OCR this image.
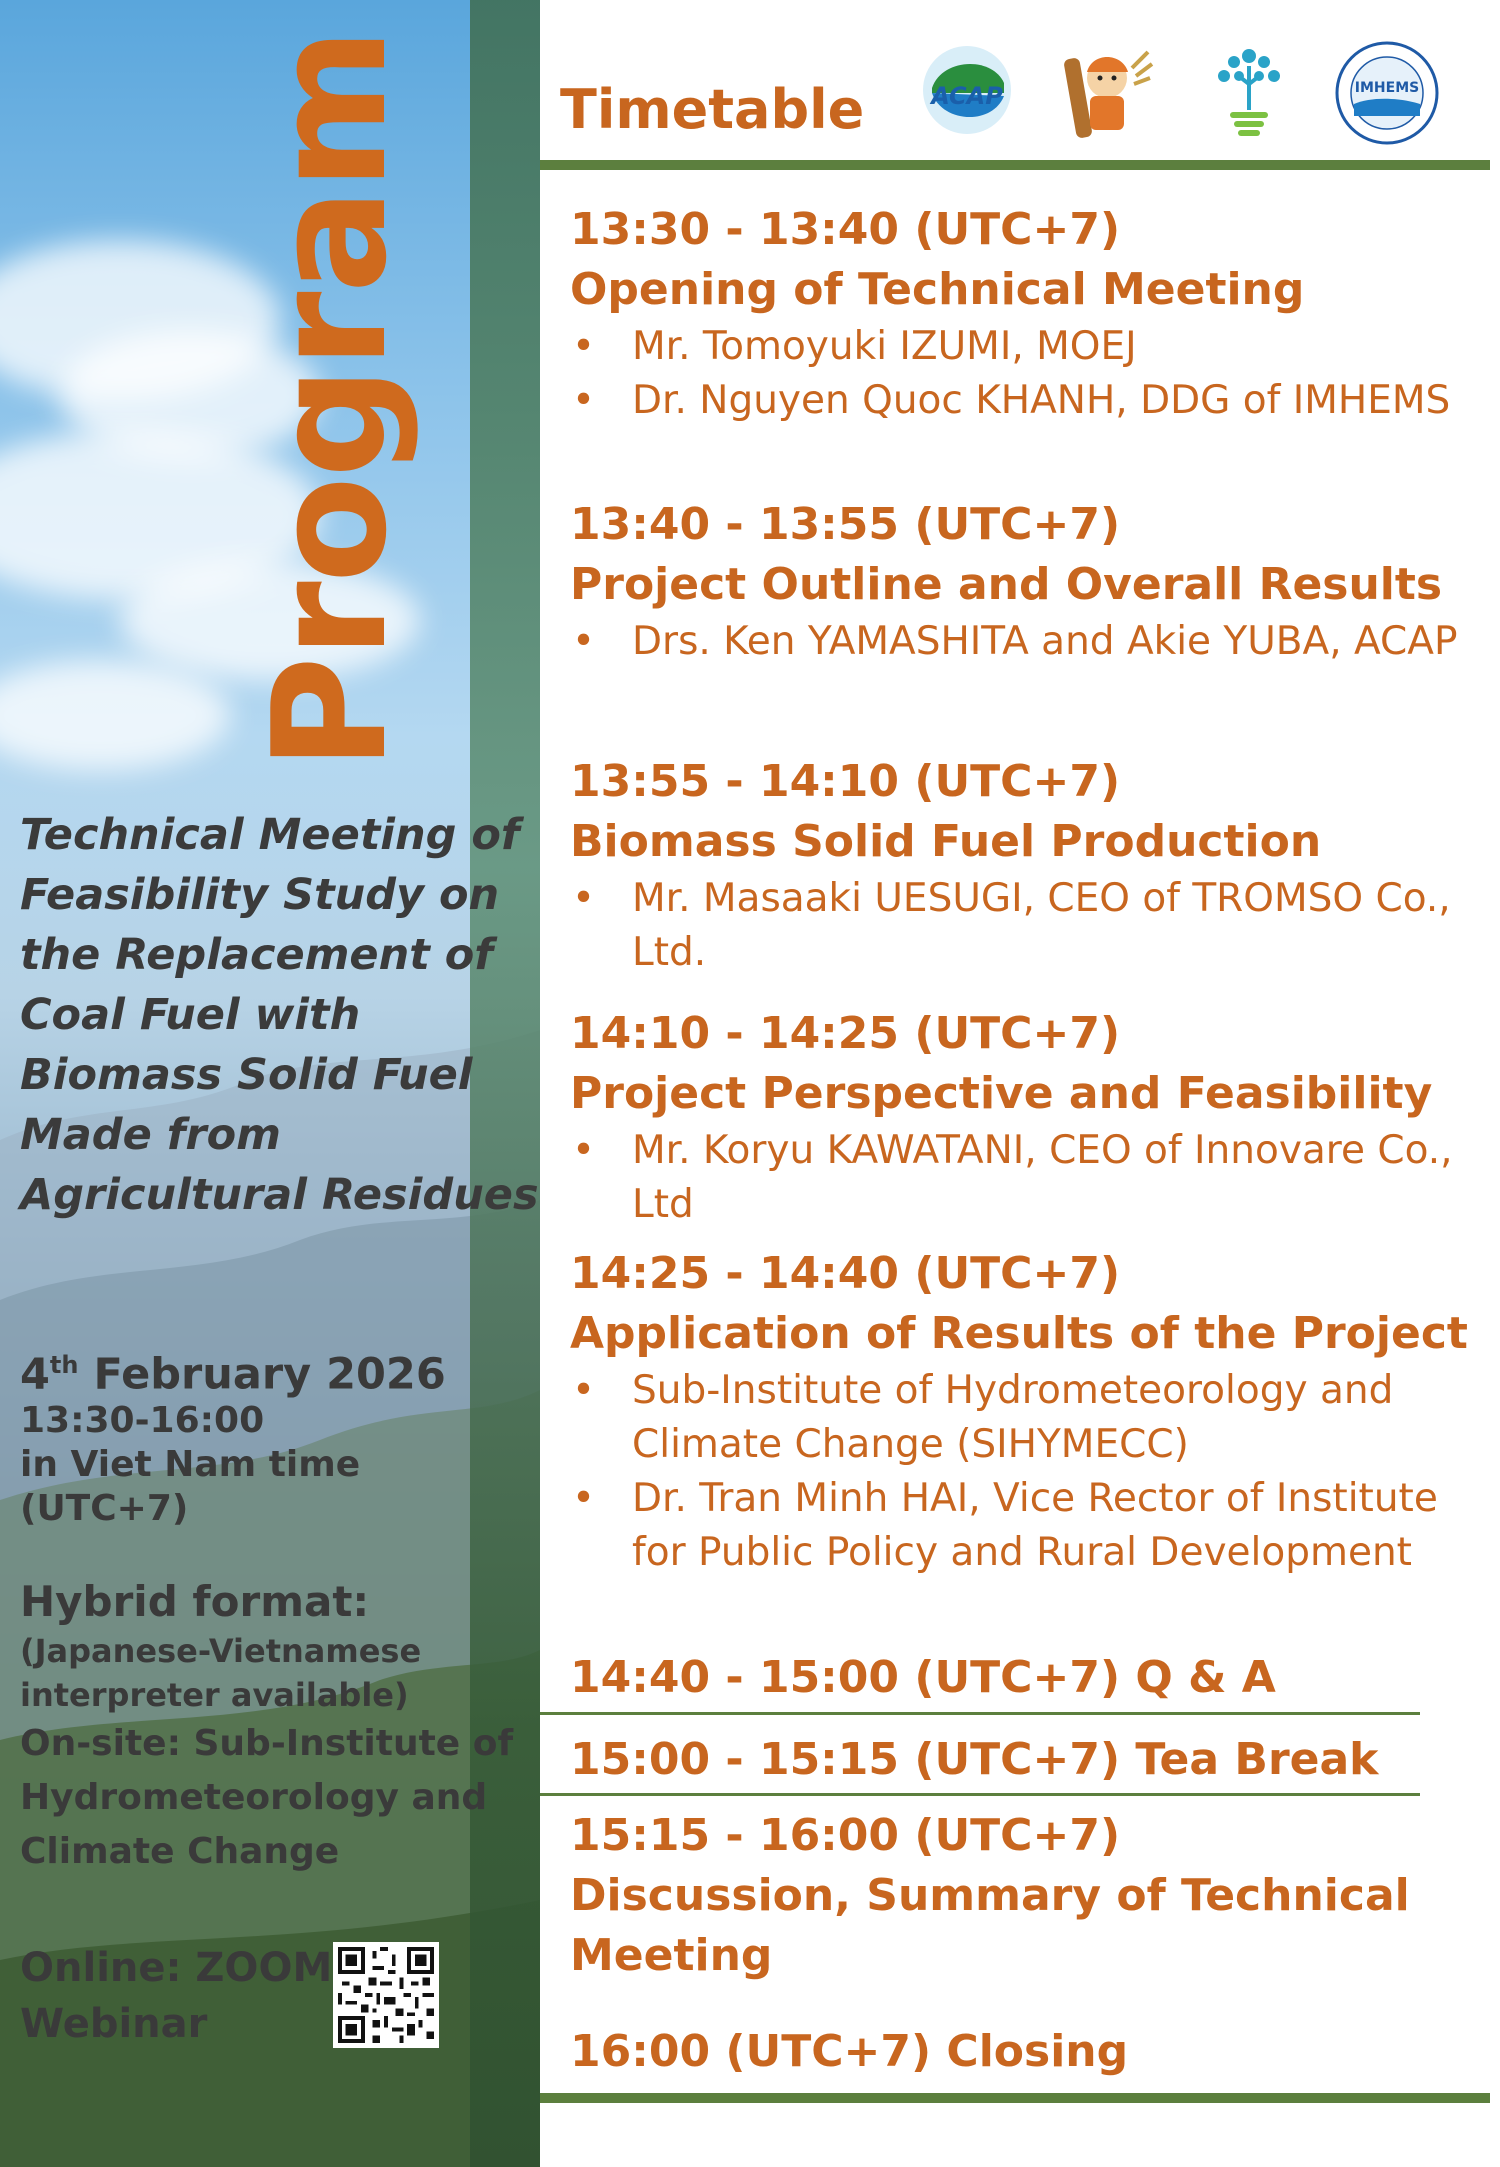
Program

Technical Meeting of Feasibility Study on the Replacement of Coal Fuel with Biomass Solid Fuel Made from Agricultural Residues

4th February 2026
13:30-16:00
in Viet Nam time
(UTC+7)
Hybrid format:
(Japanese-Vietnamese interpreter available)
On-site: Sub-Institute of Hydrometeorology and Climate Change
Online: ZOOM Webinar
Timetable	ACAP	IMHEMS
13:30 - 13:40 (UTC+7)
Opening of Technical Meeting
• Mr. Tomoyuki IZUMI, MOEJ
• Dr. Nguyen Quoc KHANH, DDG of IMHEMS
13:40 - 13:55 (UTC+7)
Project Outline and Overall Results
• Drs. Ken YAMASHITA and Akie YUBA, ACAP
13:55 - 14:10 (UTC+7)
Biomass Solid Fuel Production
• Mr. Masaaki UESUGI, CEO of TROMSO Co., Ltd.
14:10 - 14:25 (UTC+7)
Project Perspective and Feasibility
• Mr. Koryu KAWATANI, CEO of Innovare Co., Ltd
14:25 - 14:40 (UTC+7)
Application of Results of the Project
• Sub-Institute of Hydrometeorology and Climate Change (SIHYMECC)
• Dr. Tran Minh HAI, Vice Rector of Institute for Public Policy and Rural Development
14:40 - 15:00 (UTC+7) Q & A
15:00 - 15:15 (UTC+7) Tea Break
15:15 - 16:00 (UTC+7)
Discussion, Summary of Technical Meeting
16:00 (UTC+7) Closing
